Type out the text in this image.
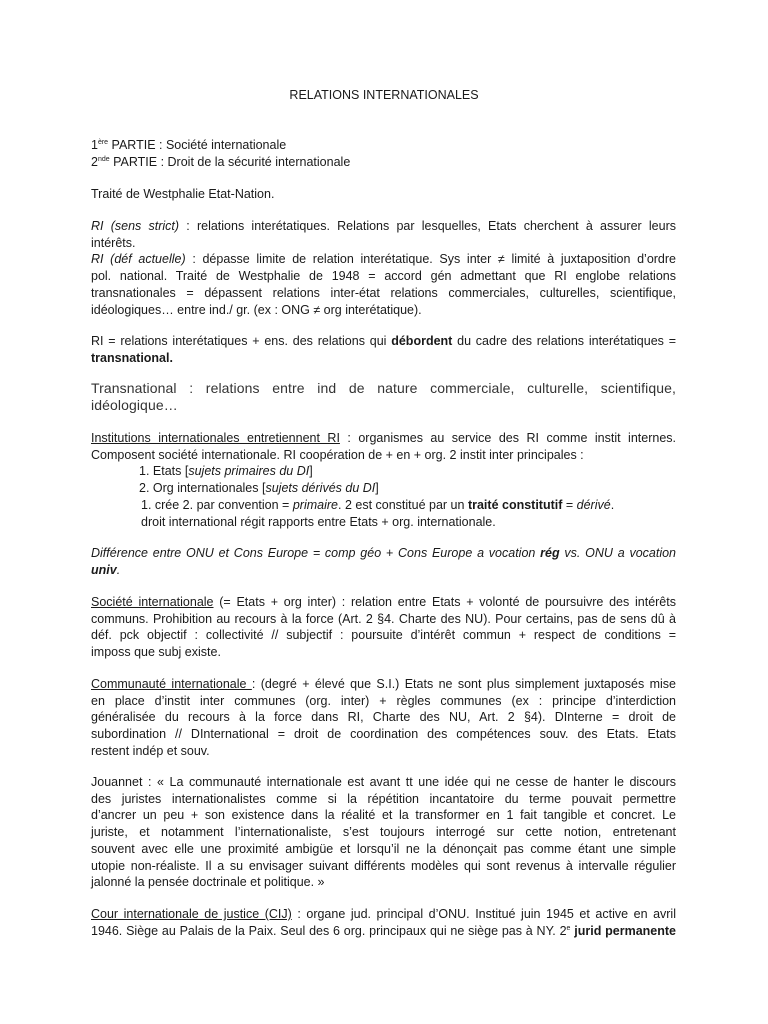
RELATIONS INTERNATIONALES
1ère PARTIE : Société internationale
2nde PARTIE : Droit de la sécurité internationale
Traité de Westphalie Etat-Nation.
RI (sens strict) : relations interétatiques. Relations par lesquelles, Etats cherchent à assurer leurs
intérêts.
RI (déf actuelle) : dépasse limite de relation interétatique. Sys inter ≠ limité à juxtaposition d’ordre
pol. national. Traité de Westphalie de 1948 = accord gén admettant que RI englobe relations
transnationales = dépassent relations inter-état relations commerciales, culturelles, scientifique,
idéologiques… entre ind./ gr. (ex : ONG ≠ org interétatique).
RI = relations interétatiques + ens. des relations qui débordent du cadre des relations interétatiques =
transnational.
Transnational : relations entre ind de nature commerciale, culturelle, scientifique,
idéologique…
Institutions internationales entretiennent RI : organismes au service des RI comme instit internes.
Composent société internationale. RI coopération de + en + org. 2 instit inter principales :
1. Etats [sujets primaires du DI]
2. Org internationales [sujets dérivés du DI]
1. crée 2. par convention = primaire. 2 est constitué par un traité constitutif = dérivé.
droit international régit rapports entre Etats + org. internationale.
Différence entre ONU et Cons Europe = comp géo + Cons Europe a vocation rég vs. ONU a vocation
univ.
Société internationale (= Etats + org inter) : relation entre Etats + volonté de poursuivre des intérêts
communs. Prohibition au recours à la force (Art. 2 §4. Charte des NU). Pour certains, pas de sens dû à
déf. pck objectif : collectivité // subjectif : poursuite d’intérêt commun + respect de conditions =
imposs que subj existe.
Communauté internationale : (degré + élevé que S.I.) Etats ne sont plus simplement juxtaposés mise
en place d’instit inter communes (org. inter) + règles communes (ex : principe d’interdiction
généralisée du recours à la force dans RI, Charte des NU, Art. 2 §4). DInterne = droit de
subordination // DInternational = droit de coordination des compétences souv. des Etats. Etats
restent indép et souv.
Jouannet : « La communauté internationale est avant tt une idée qui ne cesse de hanter le discours
des juristes internationalistes comme si la répétition incantatoire du terme pouvait permettre
d’ancrer un peu + son existence dans la réalité et la transformer en 1 fait tangible et concret. Le
juriste, et notamment l’internationaliste, s’est toujours interrogé sur cette notion, entretenant
souvent avec elle une proximité ambigüe et lorsqu’il ne la dénonçait pas comme étant une simple
utopie non-réaliste. Il a su envisager suivant différents modèles qui sont revenus à intervalle régulier
jalonné la pensée doctrinale et politique. »
Cour internationale de justice (CIJ) : organe jud. principal d’ONU. Institué juin 1945 et active en avril
1946. Siège au Palais de la Paix. Seul des 6 org. principaux qui ne siège pas à NY. 2e jurid permanente
